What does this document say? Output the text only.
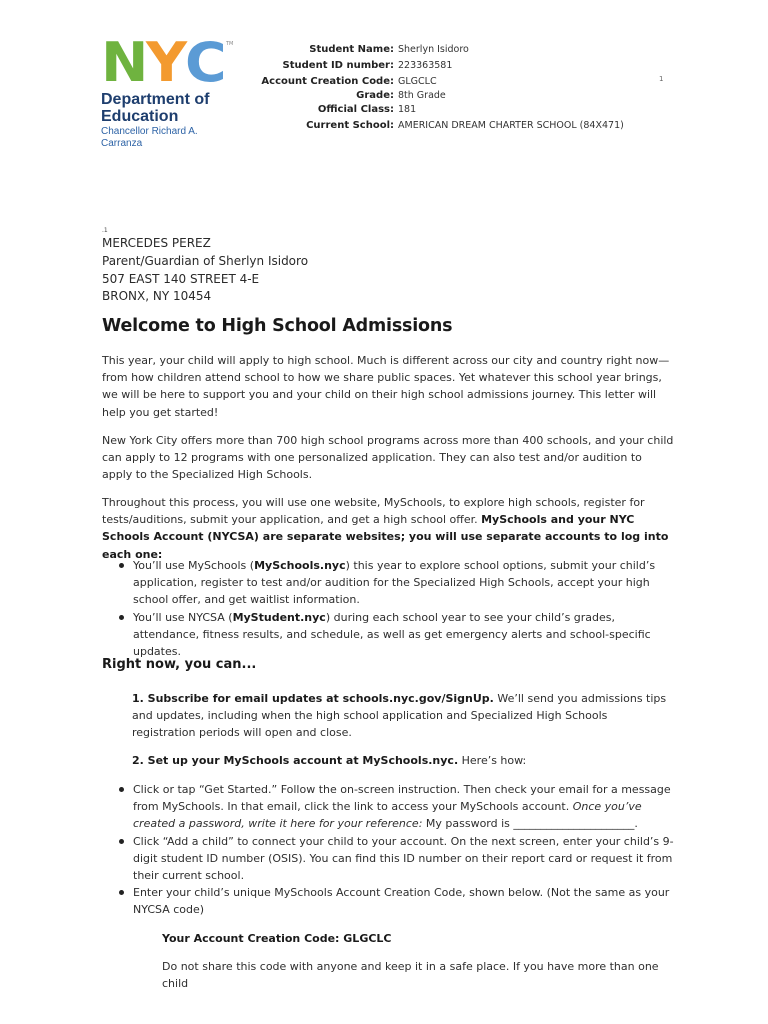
N Y C TM
Department of
Education
Chancellor Richard A. Carranza
Student Name: Sherlyn Isidoro
Student ID number: 223363581
Account Creation Code: GLGCLC
Grade: 8th Grade
Official Class: 181
Current School: AMERICAN DREAM CHARTER SCHOOL (84X471)
1
.1
MERCEDES PEREZ
Parent/Guardian of Sherlyn Isidoro
507 EAST 140 STREET 4-E
BRONX, NY 10454
Welcome to High School Admissions

This year, your child will apply to high school. Much is different across our city and country right now—from how children attend school to how we share public spaces. Yet whatever this school year brings, we will be here to support you and your child on their high school admissions journey. This letter will help you get started!

New York City offers more than 700 high school programs across more than 400 schools, and your child can apply to 12 programs with one personalized application. They can also test and/or audition to apply to the Specialized High Schools.

Throughout this process, you will use one website, MySchools, to explore high schools, register for tests/auditions, submit your application, and get a high school offer. MySchools and your NYC Schools Account (NYCSA) are separate websites; you will use separate accounts to log into each one:

You’ll use MySchools (MySchools.nyc) this year to explore school options, submit your child’s application, register to test and/or audition for the Specialized High Schools, accept your high school offer, and get waitlist information.
You’ll use NYCSA (MyStudent.nyc) during each school year to see your child’s grades, attendance, fitness results, and schedule, as well as get emergency alerts and school-specific updates.
Right now, you can...

1. Subscribe for email updates at schools.nyc.gov/SignUp. We’ll send you admissions tips and updates, including when the high school application and Specialized High Schools registration periods will open and close.

2. Set up your MySchools account at MySchools.nyc. Here’s how:

Click or tap “Get Started.” Follow the on-screen instruction. Then check your email for a message from MySchools. In that email, click the link to access your MySchools account. Once you’ve created a password, write it here for your reference: My password is ______________________.
Click “Add a child” to connect your child to your account. On the next screen, enter your child’s 9-digit student ID number (OSIS). You can find this ID number on their report card or request it from their current school.
Enter your child’s unique MySchools Account Creation Code, shown below. (Not the same as your NYCSA code)

Your Account Creation Code: GLGCLC

Do not share this code with anyone and keep it in a safe place. If you have more than one child
